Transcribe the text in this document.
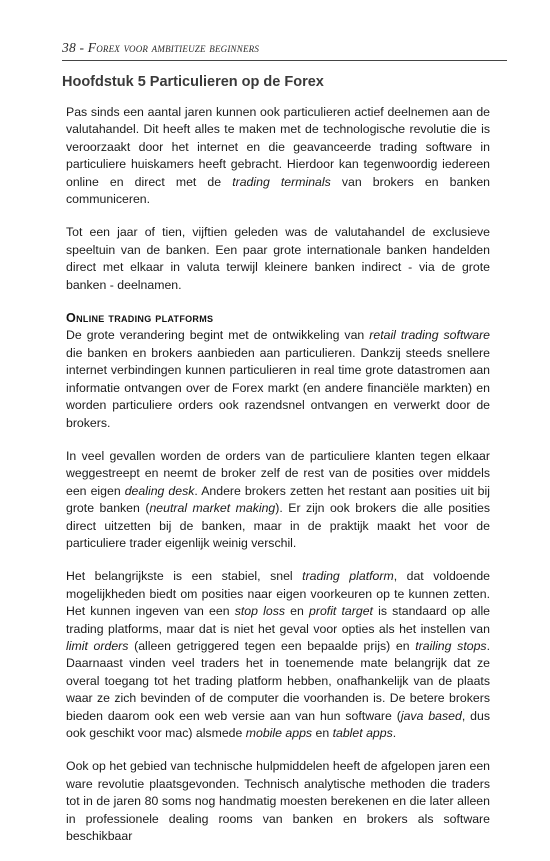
38 - Forex voor ambitieuze beginners
Hoofdstuk 5 Particulieren op de Forex

Pas sinds een aantal jaren kunnen ook particulieren actief deelnemen aan de valutahandel. Dit heeft alles te maken met de technologische revolutie die is veroorzaakt door het internet en die geavanceerde trading software in particuliere huiskamers heeft gebracht. Hierdoor kan tegenwoordig iedereen online en direct met de trading terminals van brokers en banken communiceren.

Tot een jaar of tien, vijftien geleden was de valutahandel de exclusieve speeltuin van de banken. Een paar grote internationale banken handelden direct met elkaar in valuta terwijl kleinere banken indirect - via de grote banken - deelnamen.

Online trading platforms

De grote verandering begint met de ontwikkeling van retail trading software die banken en brokers aanbieden aan particulieren. Dankzij steeds snellere internet verbindingen kunnen particulieren in real time grote datastromen aan informatie ontvangen over de Forex markt (en andere financiële markten) en worden particuliere orders ook razendsnel ontvangen en verwerkt door de brokers.

In veel gevallen worden de orders van de particuliere klanten tegen elkaar weggestreept en neemt de broker zelf de rest van de posities over middels een eigen dealing desk. Andere brokers zetten het restant aan posities uit bij grote banken (neutral market making). Er zijn ook brokers die alle posities direct uitzetten bij de banken, maar in de praktijk maakt het voor de particuliere trader eigenlijk weinig verschil.

Het belangrijkste is een stabiel, snel trading platform, dat voldoende mogelijkheden biedt om posities naar eigen voorkeuren op te kunnen zetten. Het kunnen ingeven van een stop loss en profit target is standaard op alle trading platforms, maar dat is niet het geval voor opties als het instellen van limit orders (alleen getriggered tegen een bepaalde prijs) en trailing stops. Daarnaast vinden veel traders het in toenemende mate belangrijk dat ze overal toegang tot het trading platform hebben, onafhankelijk van de plaats waar ze zich bevinden of de computer die voorhanden is. De betere brokers bieden daarom ook een web versie aan van hun software (java based, dus ook geschikt voor mac) alsmede mobile apps en tablet apps.

Ook op het gebied van technische hulpmiddelen heeft de afgelopen jaren een ware revolutie plaatsgevonden. Technisch analytische methoden die traders tot in de jaren 80 soms nog handmatig moesten berekenen en die later alleen in professionele dealing rooms van banken en brokers als software beschikbaar
